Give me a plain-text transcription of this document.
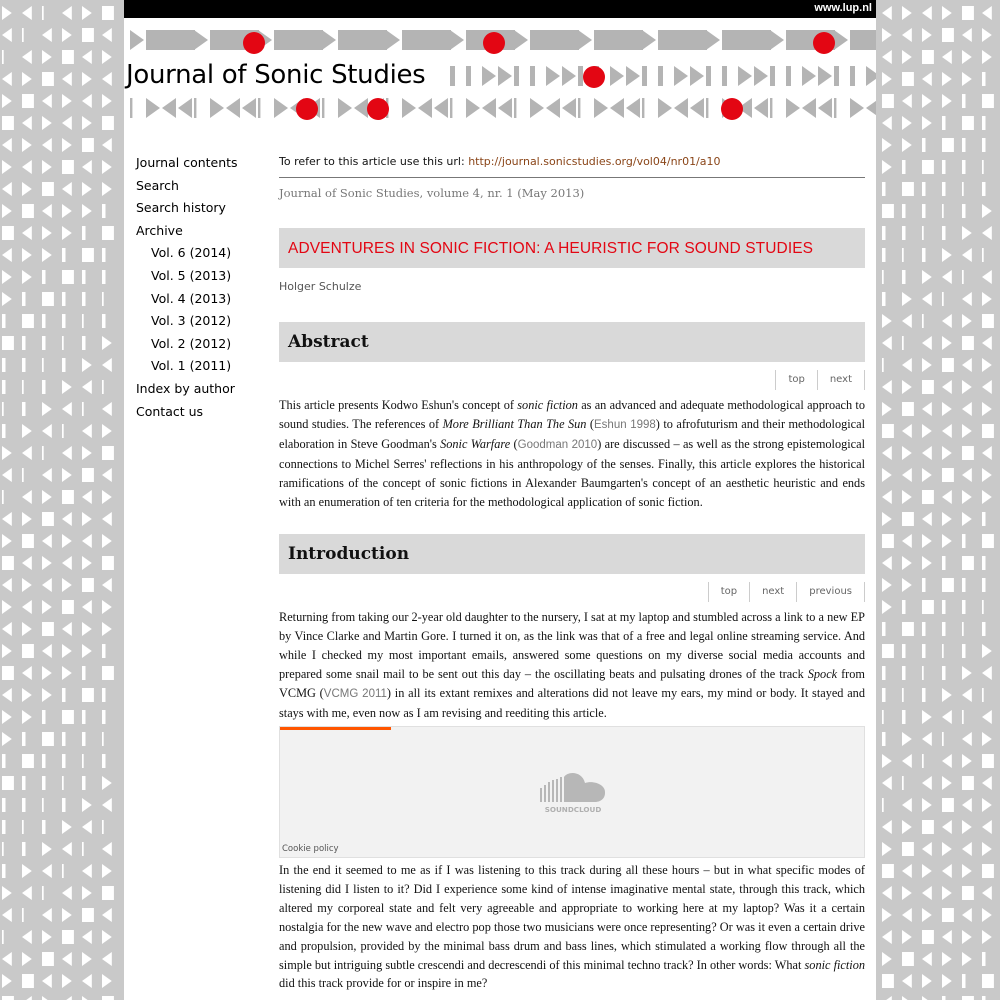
www.lup.nl
Journal of Sonic Studies
Journal contents
Search
Search history
Archive
Vol. 6 (2014)
Vol. 5 (2013)
Vol. 4 (2013)
Vol. 3 (2012)
Vol. 2 (2012)
Vol. 1 (2011)
Index by author
Contact us
To refer to this article use this url: http://journal.sonicstudies.org/vol04/nr01/a10
Journal of Sonic Studies, volume 4, nr. 1 (May 2013)
ADVENTURES IN SONIC FICTION: A HEURISTIC FOR SOUND STUDIES
Holger Schulze
Abstract
top	next

This article presents Kodwo Eshun's concept of sonic fiction as an advanced and adequate methodological approach to sound studies. The references of More Brilliant Than The Sun (Eshun 1998) to afrofuturism and their methodological elaboration in Steve Goodman's Sonic Warfare (Goodman 2010) are discussed – as well as the strong epistemological connections to Michel Serres' reflections in his anthropology of the senses. Finally, this article explores the historical ramifications of the concept of sonic fictions in Alexander Baumgarten's concept of an aesthetic heuristic and ends with an enumeration of ten criteria for the methodological application of sonic fiction.

Introduction
top	next	previous

Returning from taking our 2-year old daughter to the nursery, I sat at my laptop and stumbled across a link to a new EP by Vince Clarke and Martin Gore. I turned it on, as the link was that of a free and legal online streaming service. And while I checked my most important emails, answered some questions on my diverse social media accounts and prepared some snail mail to be sent out this day – the oscillating beats and pulsating drones of the track Spock from VCMG (VCMG 2011) in all its extant remixes and alterations did not leave my ears, my mind or body. It stayed and stays with me, even now as I am revising and reediting this article.

SOUNDCLOUD
Cookie policy

In the end it seemed to me as if I was listening to this track during all these hours – but in what specific modes of listening did I listen to it? Did I experience some kind of intense imaginative mental state, through this track, which altered my corporeal state and felt very agreeable and appropriate to working here at my laptop? Was it a certain nostalgia for the new wave and electro pop those two musicians were once representing? Or was it even a certain drive and propulsion, provided by the minimal bass drum and bass lines, which stimulated a working flow through all the simple but intriguing subtle crescendi and decrescendi of this minimal techno track? In other words: What sonic fiction did this track provide for or inspire in me?
